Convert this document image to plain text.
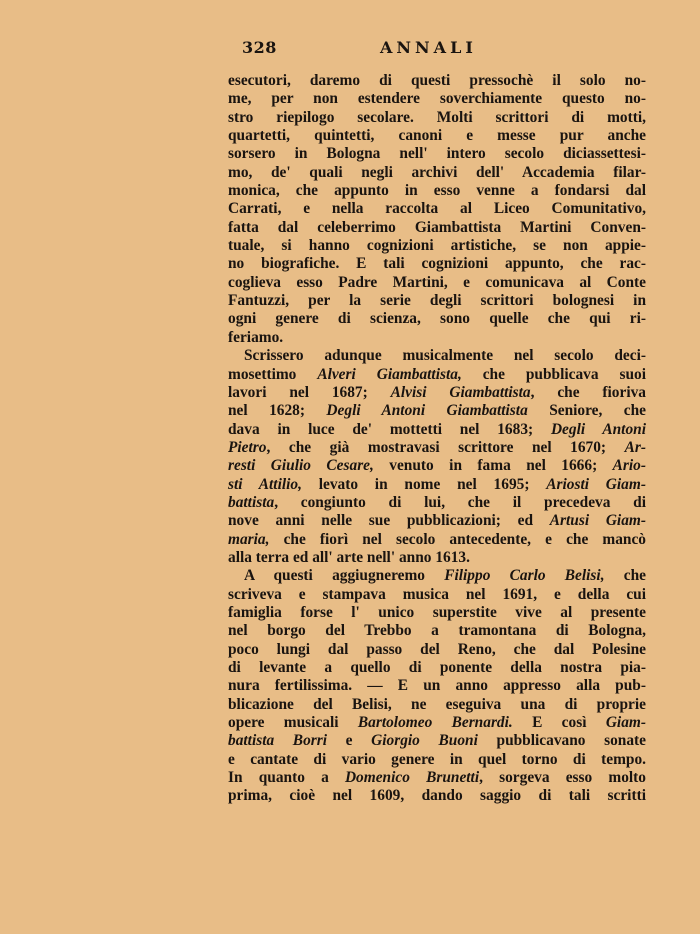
328	ANNALI
esecutori, daremo di questi pressochè il solo no-
me, per non estendere soverchiamente questo no-
stro riepilogo secolare. Molti scrittori di motti,
quartetti, quintetti, canoni e messe pur anche
sorsero in Bologna nell' intero secolo diciassettesi-
mo, de' quali negli archivi dell' Accademia filar-
monica, che appunto in esso venne a fondarsi dal
Carrati, e nella raccolta al Liceo Comunitativo,
fatta dal celeberrimo Giambattista Martini Conven-
tuale, si hanno cognizioni artistiche, se non appie-
no biografiche. E tali cognizioni appunto, che rac-
coglieva esso Padre Martini, e comunicava al Conte
Fantuzzi, per la serie degli scrittori bolognesi in
ogni genere di scienza, sono quelle che qui ri-
feriamo.
Scrissero adunque musicalmente nel secolo deci-
mosettimo Alveri Giambattista, che pubblicava suoi
lavori nel 1687; Alvisi Giambattista, che fioriva
nel 1628; Degli Antoni Giambattista Seniore, che
dava in luce de' mottetti nel 1683; Degli Antoni
Pietro, che già mostravasi scrittore nel 1670; Ar-
resti Giulio Cesare, venuto in fama nel 1666; Ario-
sti Attilio, levato in nome nel 1695; Ariosti Giam-
battista, congiunto di lui, che il precedeva di
nove anni nelle sue pubblicazioni; ed Artusi Giam-
maria, che fiorì nel secolo antecedente, e che mancò
alla terra ed all' arte nell' anno 1613.
A questi aggiugneremo Filippo Carlo Belisi, che
scriveva e stampava musica nel 1691, e della cui
famiglia forse l' unico superstite vive al presente
nel borgo del Trebbo a tramontana di Bologna,
poco lungi dal passo del Reno, che dal Polesine
di levante a quello di ponente della nostra pia-
nura fertilissima. — E un anno appresso alla pub-
blicazione del Belisi, ne eseguiva una di proprie
opere musicali Bartolomeo Bernardi. E così Giam-
battista Borri e Giorgio Buoni pubblicavano sonate
e cantate di vario genere in quel torno di tempo.
In quanto a Domenico Brunetti, sorgeva esso molto
prima, cioè nel 1609, dando saggio di tali scritti
